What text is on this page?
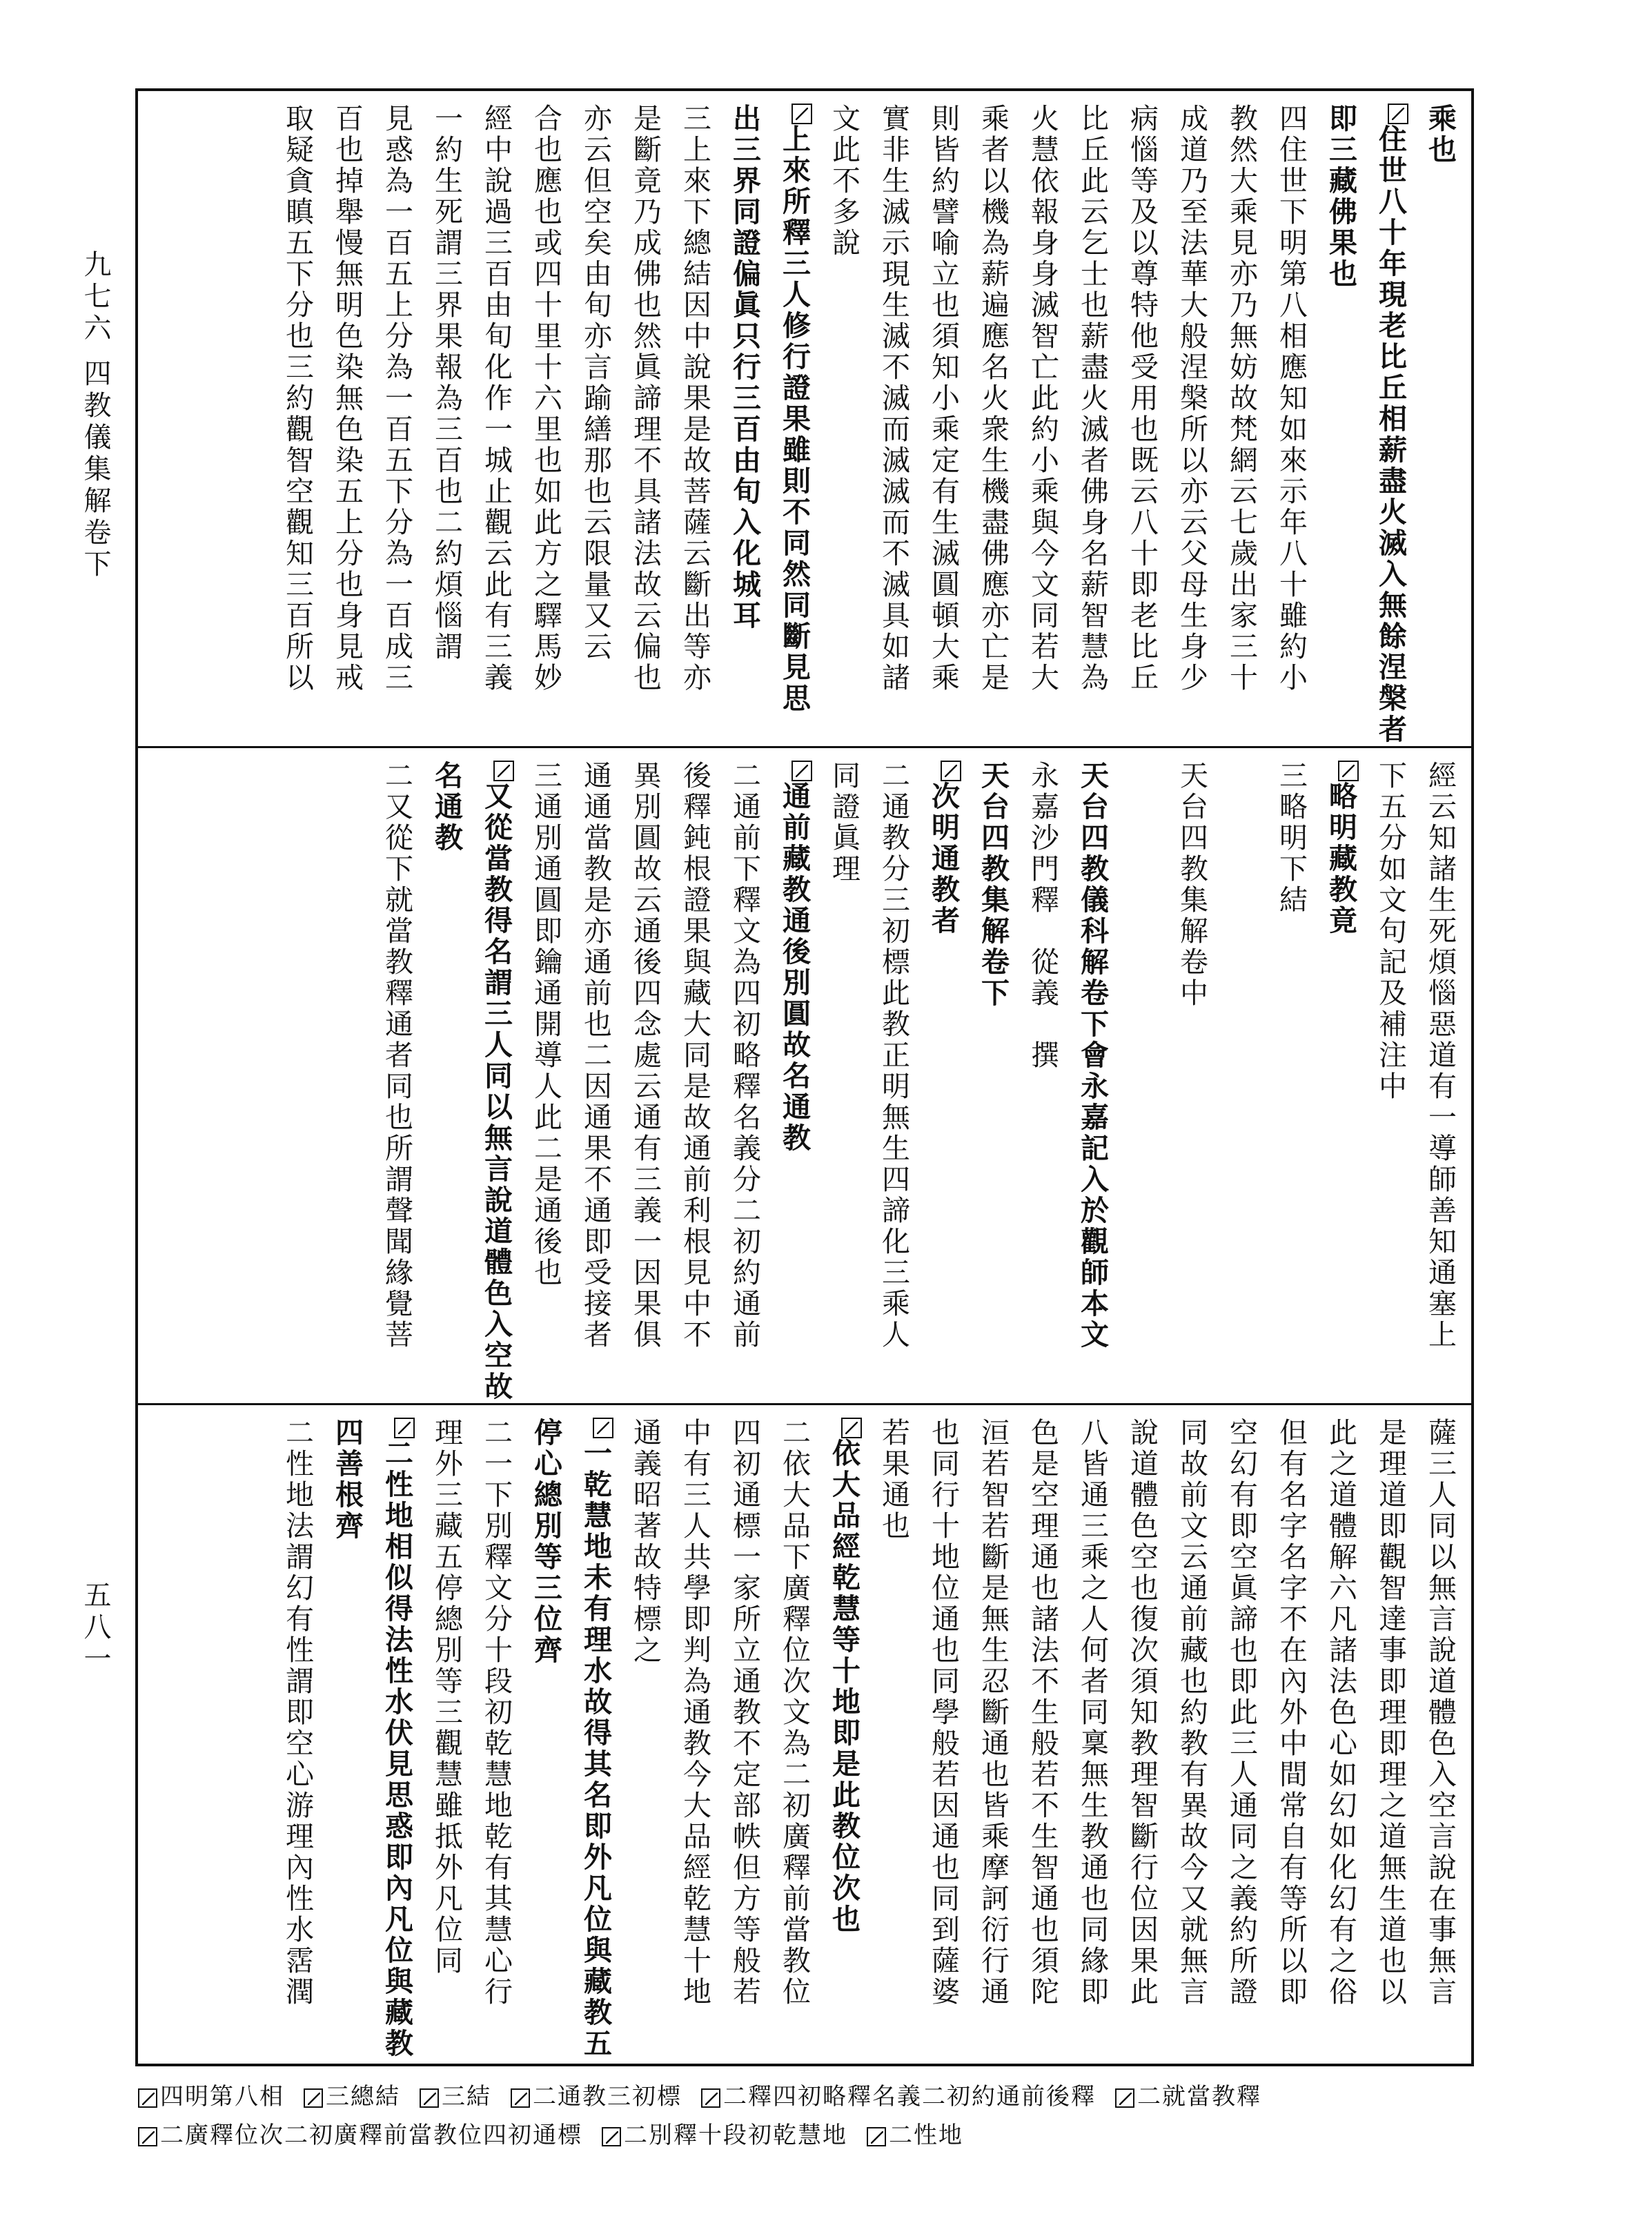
九七六
四教儀集解卷下
五八一
乘也
住世八十年現老比丘相薪盡火滅入無餘涅槃者
即三藏佛果也
四住世下明第八相應知如來示年八十雖約小
教然大乘見亦乃無妨故梵網云七歲出家三十
成道乃至法華大般涅槃所以亦云父母生身少
病惱等及以尊特他受用也既云八十即老比丘
比丘此云乞士也薪盡火滅者佛身名薪智慧為
火慧依報身身滅智亡此約小乘與今文同若大
乘者以機為薪遍應名火衆生機盡佛應亦亡是
則皆約譬喻立也須知小乘定有生滅圓頓大乘
實非生滅示現生滅不滅而滅滅而不滅具如諸
文此不多說
上來所釋三人修行證果雖則不同然同斷見思
出三界同證偏眞只行三百由旬入化城耳
三上來下總結因中說果是故菩薩云斷出等亦
是斷竟乃成佛也然眞諦理不具諸法故云偏也
亦云但空矣由旬亦言踰繕那也云限量又云
合也應也或四十里十六里也如此方之驛馬妙
經中說過三百由旬化作一城止觀云此有三義
一約生死謂三界果報為三百也二約煩惱謂
見惑為一百五上分為一百五下分為一百成三
百也掉舉慢無明色染無色染五上分也身見戒
取疑貪瞋五下分也三約觀智空觀知三百所以
經云知諸生死煩惱惡道有一導師善知通塞上
下五分如文句記及補注中
略明藏教竟
三略明下結
天台四教集解卷中
天台四教儀科解卷下會永嘉記入於觀師本文
永嘉沙門釋　從義　撰
天台四教集解卷下
次明通教者
二通教分三初標此教正明無生四諦化三乘人
同證眞理
通前藏教通後別圓故名通教
二通前下釋文為四初略釋名義分二初約通前
後釋鈍根證果與藏大同是故通前利根見中不
異別圓故云通後四念處云通有三義一因果俱
通通當教是亦通前也二因通果不通即受接者
三通別通圓即鑰通開導人此二是通後也
又從當教得名謂三人同以無言說道體色入空故
名通教
二又從下就當教釋通者同也所謂聲聞緣覺菩
薩三人同以無言說道體色入空言說在事無言
是理道即觀智達事即理即理之道無生道也以
此之道體解六凡諸法色心如幻如化幻有之俗
但有名字名字不在內外中間常自有等所以即
空幻有即空眞諦也即此三人通同之義約所證
同故前文云通前藏也約教有異故今又就無言
說道體色空也復次須知教理智斷行位因果此
八皆通三乘之人何者同稟無生教通也同緣即
色是空理通也諸法不生般若不生智通也須陀
洹若智若斷是無生忍斷通也皆乘摩訶衍行通
也同行十地位通也同學般若因通也同到薩婆
若果通也
依大品經乾慧等十地即是此教位次也
二依大品下廣釋位次文為二初廣釋前當教位
四初通標一家所立通教不定部帙但方等般若
中有三人共學即判為通教今大品經乾慧十地
通義昭著故特標之
一乾慧地未有理水故得其名即外凡位與藏教五
停心總別等三位齊
二一下別釋文分十段初乾慧地乾有其慧心行
理外三藏五停總別等三觀慧雖抵外凡位同
二性地相似得法性水伏見思惑即內凡位與藏教
四善根齊
二性地法謂幻有性謂即空心游理內性水霑潤
四明第八相 三總結 三結 二通教三初標 二釋四初略釋名義二初約通前後釋 二就當教釋二廣釋位次二初廣釋前當教位四初通標 二別釋十段初乾慧地 二性地
